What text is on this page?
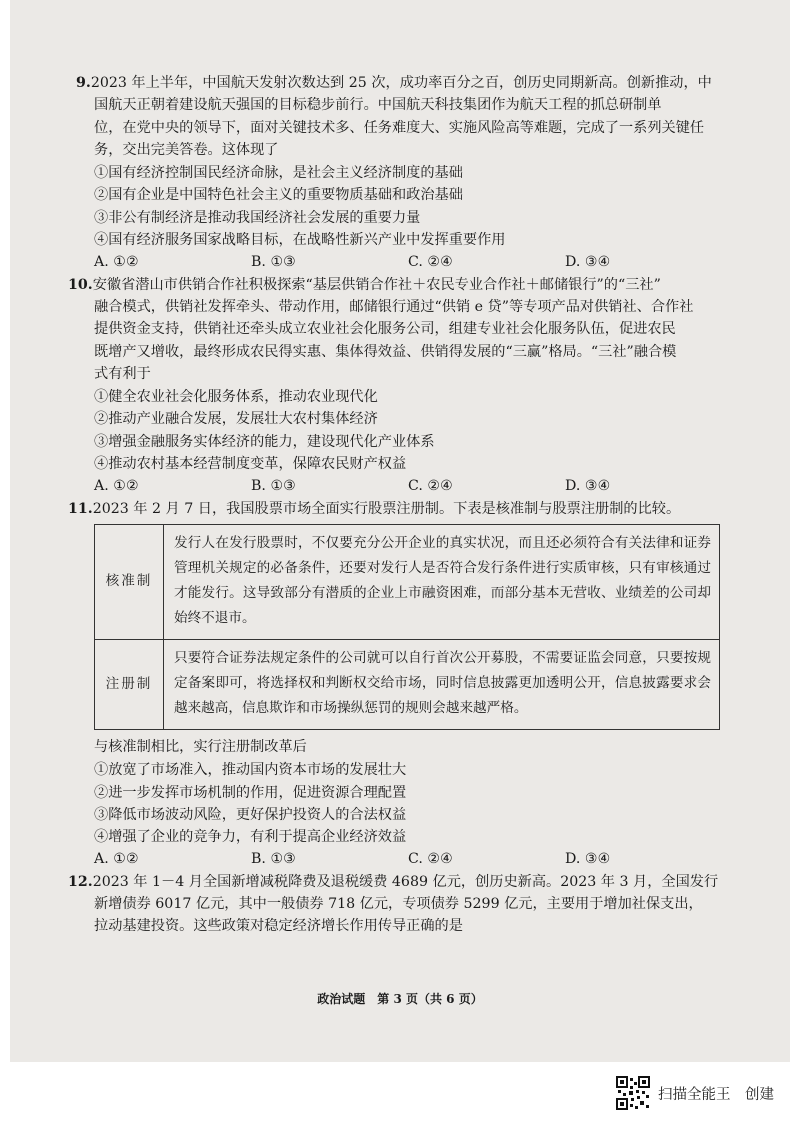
9. 2023 年上半年，中国航天发射次数达到 25 次，成功率百分之百，创历史同期新高。创新推动，中
国航天正朝着建设航天强国的目标稳步前行。中国航天科技集团作为航天工程的抓总研制单
位，在党中央的领导下，面对关键技术多、任务难度大、实施风险高等难题，完成了一系列关键任
务，交出完美答卷。这体现了
①国有经济控制国民经济命脉，是社会主义经济制度的基础
②国有企业是中国特色社会主义的重要物质基础和政治基础
③非公有制经济是推动我国经济社会发展的重要力量
④国有经济服务国家战略目标，在战略性新兴产业中发挥重要作用
A. ①②	B. ①③	C. ②④	D. ③④
10. 安徽省潜山市供销合作社积极探索“基层供销合作社＋农民专业合作社＋邮储银行”的“三社”
融合模式，供销社发挥牵头、带动作用，邮储银行通过“供销 e 贷”等专项产品对供销社、合作社
提供资金支持，供销社还牵头成立农业社会化服务公司，组建专业社会化服务队伍，促进农民
既增产又增收，最终形成农民得实惠、集体得效益、供销得发展的“三赢”格局。“三社”融合模
式有利于
①健全农业社会化服务体系，推动农业现代化
②推动产业融合发展，发展壮大农村集体经济
③增强金融服务实体经济的能力，建设现代化产业体系
④推动农村基本经营制度变革，保障农民财产权益
A. ①②	B. ①③	C. ②④	D. ③④
11. 2023 年 2 月 7 日，我国股票市场全面实行股票注册制。下表是核准制与股票注册制的比较。
核准制	发行人在发行股票时，不仅要充分公开企业的真实状况，而且还必须符合有关法律和证券管理机关规定的必备条件，还要对发行人是否符合发行条件进行实质审核，只有审核通过才能发行。这导致部分有潜质的企业上市融资困难，而部分基本无营收、业绩差的公司却始终不退市。
注册制	只要符合证券法规定条件的公司就可以自行首次公开募股，不需要证监会同意，只要按规定备案即可，将选择权和判断权交给市场，同时信息披露更加透明公开，信息披露要求会越来越高，信息欺诈和市场操纵惩罚的规则会越来越严格。
与核准制相比，实行注册制改革后
①放宽了市场准入，推动国内资本市场的发展壮大
②进一步发挥市场机制的作用，促进资源合理配置
③降低市场波动风险，更好保护投资人的合法权益
④增强了企业的竞争力，有利于提高企业经济效益
A. ①②	B. ①③	C. ②④	D. ③④
12. 2023 年 1－4 月全国新增减税降费及退税缓费 4689 亿元，创历史新高。2023 年 3 月，全国发行
新增债券 6017 亿元，其中一般债券 718 亿元，专项债券 5299 亿元，主要用于增加社保支出，
拉动基建投资。这些政策对稳定经济增长作用传导正确的是
政治试题　第 3 页（共 6 页）
扫描全能王　创建
